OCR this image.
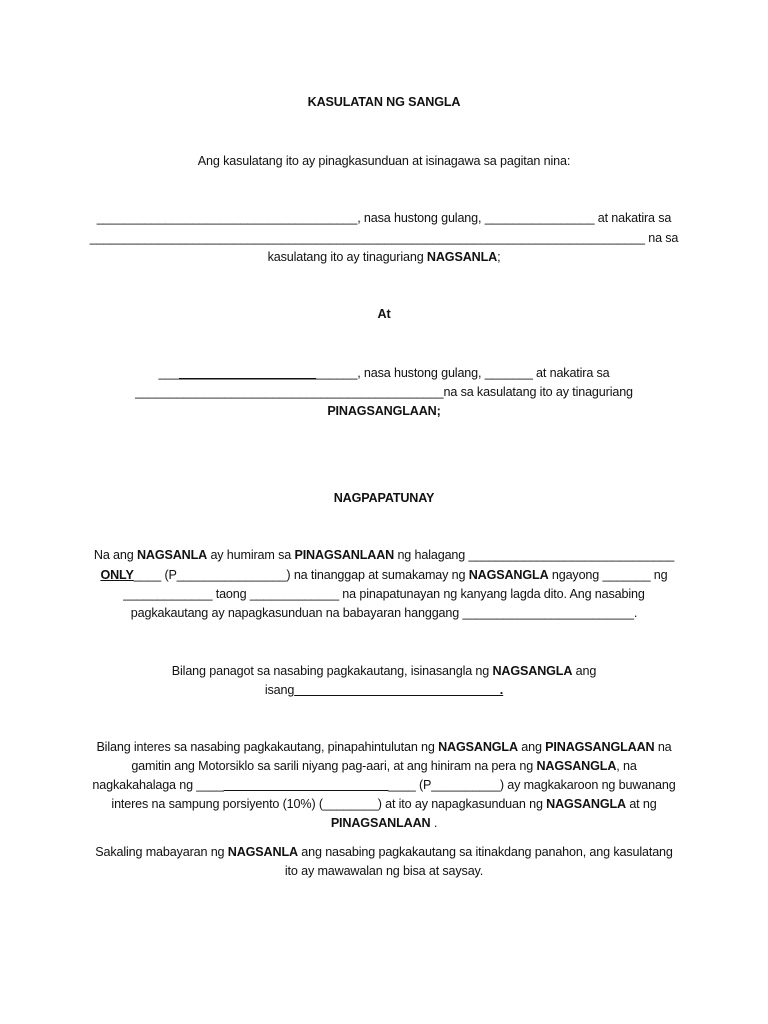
KASULATAN NG SANGLA
Ang kasulatang ito ay pinagkasunduan at isinagawa sa pagitan nina:
______________________________________, nasa hustong gulang, ________________ at nakatira sa
_________________________________________________________________________________ na sa
kasulatang ito ay tinaguriang NAGSANLA;
At
_____________________________, nasa hustong gulang, _______ at nakatira sa
_____________________________________________na sa kasulatang ito ay tinaguriang
PINAGSANGLAAN;
NAGPAPATUNAY
Na ang NAGSANLA ay humiram sa PINAGSANLAAN ng halagang ______________________________
ONLY____ (P________________) na tinanggap at sumakamay ng NAGSANGLA ngayong _______ ng
_____________ taong _____________ na pinapatunayan ng kanyang lagda dito. Ang nasabing
pagkakautang ay napagkasunduan na babayaran hanggang _________________________.
Bilang panagot sa nasabing pagkakautang, isinasangla ng NAGSANGLA ang
isang______________________________.
Bilang interes sa nasabing pagkakautang, pinapahintulutan ng NAGSANGLA ang PINAGSANGLAAN na
gamitin ang Motorsiklo sa sarili niyang pag-aari, at ang hiniram na pera ng NAGSANGLA, na
nagkakahalaga ng ________________________________ (P__________) ay magkakaroon ng buwanang
interes na sampung porsiyento (10%) (________) at ito ay napagkasunduan ng NAGSANGLA at ng
PINAGSANLAAN .
Sakaling mabayaran ng NAGSANLA ang nasabing pagkakautang sa itinakdang panahon, ang kasulatang
ito ay mawawalan ng bisa at saysay.
